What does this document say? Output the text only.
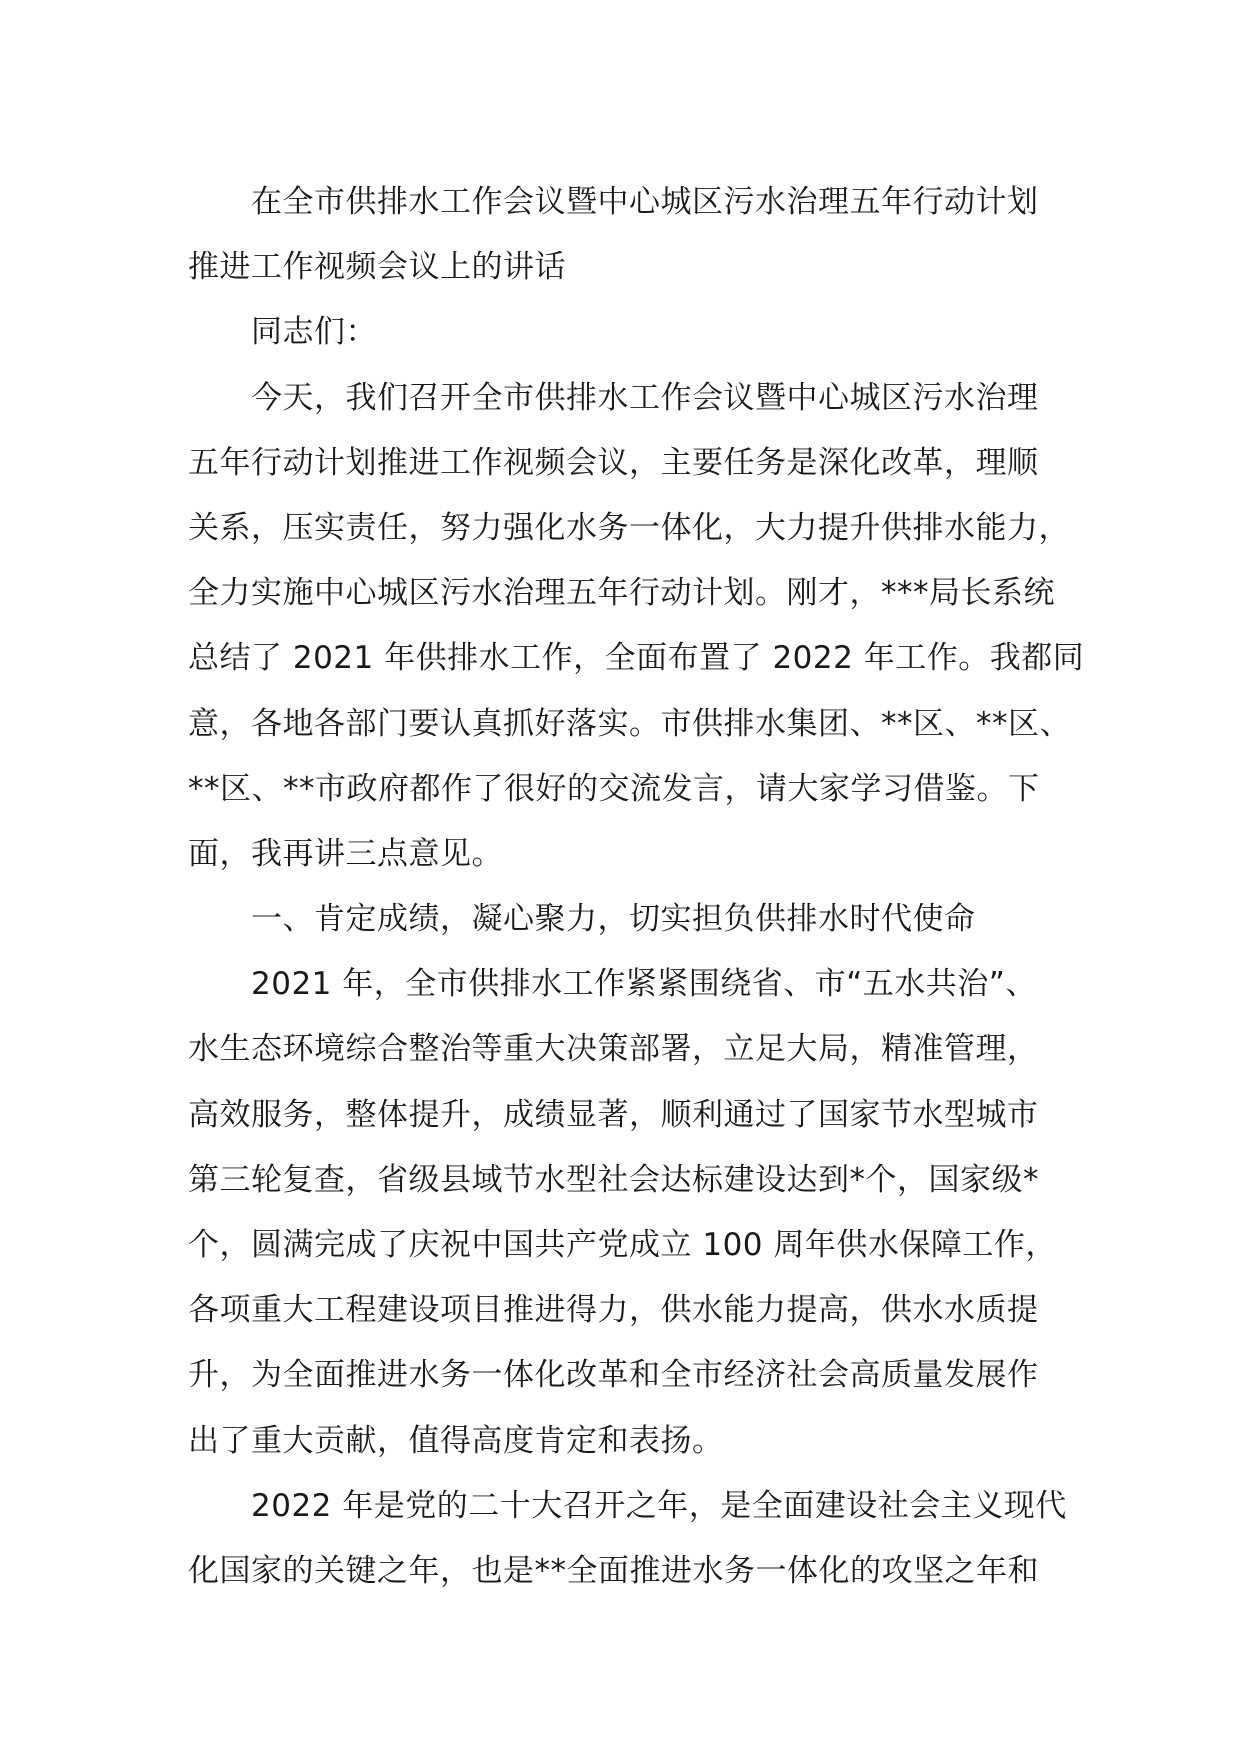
在全市供排水工作会议暨中心城区污水治理五年行动计划
推进工作视频会议上的讲话
同志们：
今天，我们召开全市供排水工作会议暨中心城区污水治理
五年行动计划推进工作视频会议，主要任务是深化改革，理顺
关系，压实责任，努力强化水务一体化，大力提升供排水能力，
全力实施中心城区污水治理五年行动计划。刚才，***局长系统
总结了 2021 年供排水工作，全面布置了 2022 年工作。我都同
意，各地各部门要认真抓好落实。市供排水集团、**区、**区、
**区、**市政府都作了很好的交流发言，请大家学习借鉴。下
面，我再讲三点意见。
一、肯定成绩，凝心聚力，切实担负供排水时代使命
2021 年，全市供排水工作紧紧围绕省、市“五水共治”、
水生态环境综合整治等重大决策部署，立足大局，精准管理，
高效服务，整体提升，成绩显著，顺利通过了国家节水型城市
第三轮复查，省级县域节水型社会达标建设达到*个，国家级*
个，圆满完成了庆祝中国共产党成立 100 周年供水保障工作，
各项重大工程建设项目推进得力，供水能力提高，供水水质提
升，为全面推进水务一体化改革和全市经济社会高质量发展作
出了重大贡献，值得高度肯定和表扬。
2022 年是党的二十大召开之年，是全面建设社会主义现代
化国家的关键之年，也是**全面推进水务一体化的攻坚之年和
